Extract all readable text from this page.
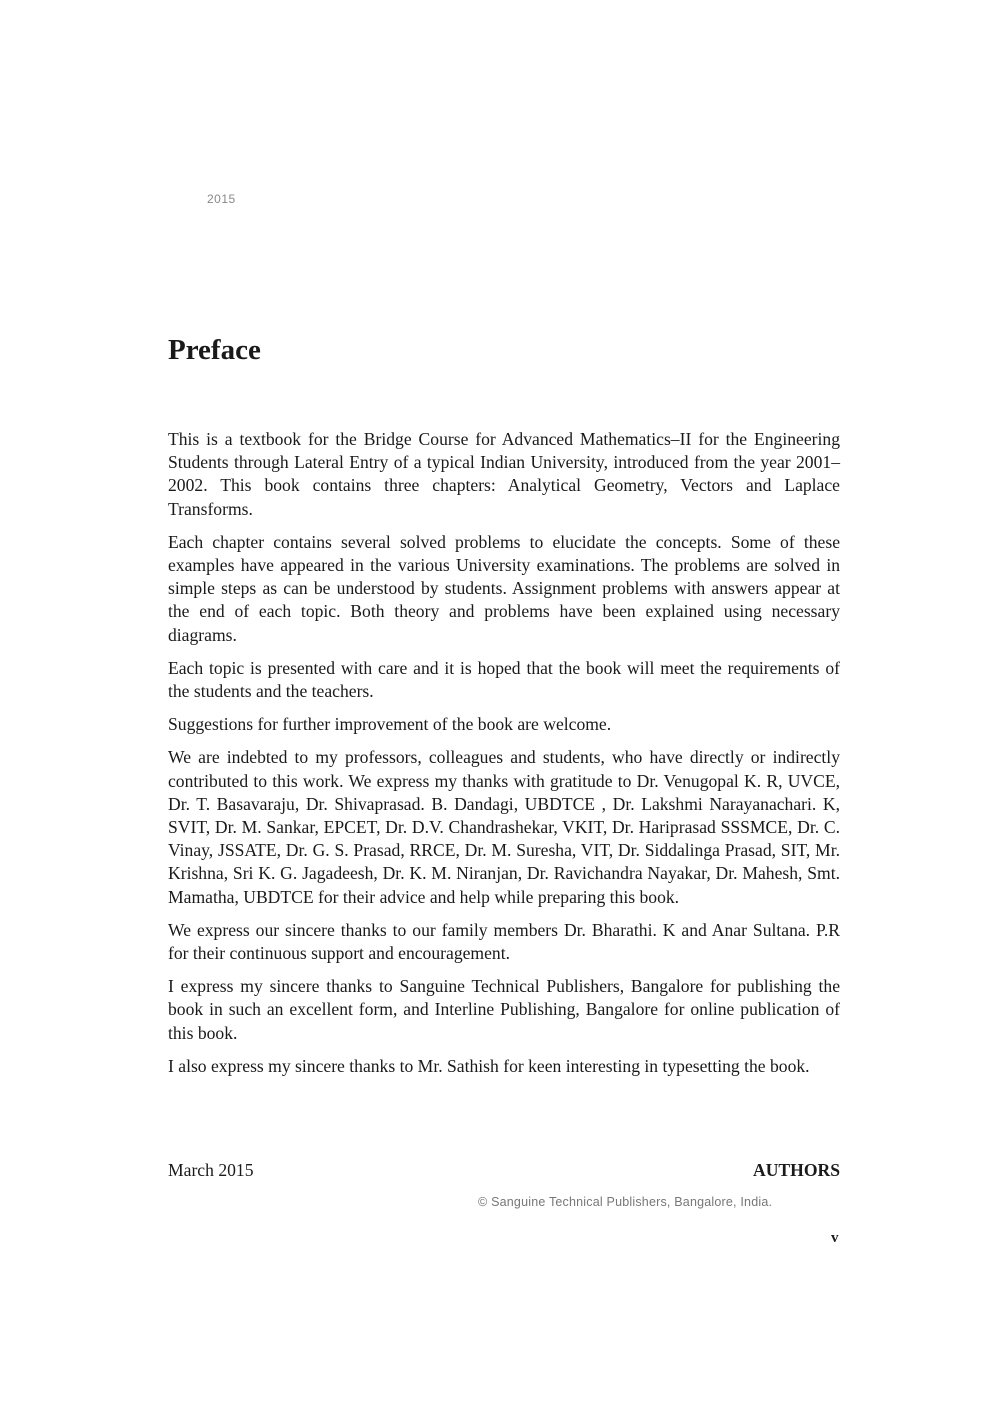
2015
Preface

This is a textbook for the Bridge Course for Advanced Mathematics–II for the Engineering Students through Lateral Entry of a typical Indian University, introduced from the year 2001–2002. This book contains three chapters: Analytical Geometry, Vectors and Laplace Transforms.

Each chapter contains several solved problems to elucidate the concepts. Some of these examples have appeared in the various University examinations. The problems are solved in simple steps as can be understood by students. Assignment problems with answers appear at the end of each topic. Both theory and problems have been explained using necessary diagrams.

Each topic is presented with care and it is hoped that the book will meet the requirements of the students and the teachers.

Suggestions for further improvement of the book are welcome.

We are indebted to my professors, colleagues and students, who have directly or indirectly contributed to this work. We express my thanks with gratitude to Dr. Venugopal K. R, UVCE, Dr. T. Basavaraju, Dr. Shivaprasad. B. Dandagi, UBDTCE , Dr. Lakshmi Narayanachari. K, SVIT, Dr. M. Sankar, EPCET, Dr. D.V. Chandrashekar, VKIT, Dr. Hariprasad SSSMCE, Dr. C. Vinay, JSSATE, Dr. G. S. Prasad, RRCE, Dr. M. Suresha, VIT, Dr. Siddalinga Prasad, SIT, Mr. Krishna, Sri K. G. Jagadeesh, Dr. K. M. Niranjan, Dr. Ravichandra Nayakar, Dr. Mahesh, Smt. Mamatha, UBDTCE for their advice and help while preparing this book.

We express our sincere thanks to our family members Dr. Bharathi. K and Anar Sultana. P.R for their continuous support and encouragement.

I express my sincere thanks to Sanguine Technical Publishers, Bangalore for publishing the book in such an excellent form, and Interline Publishing, Bangalore for online publication of this book.

I also express my sincere thanks to Mr. Sathish for keen interesting in typesetting the book.

March 2015	AUTHORS
© Sanguine Technical Publishers, Bangalore, India.
v
